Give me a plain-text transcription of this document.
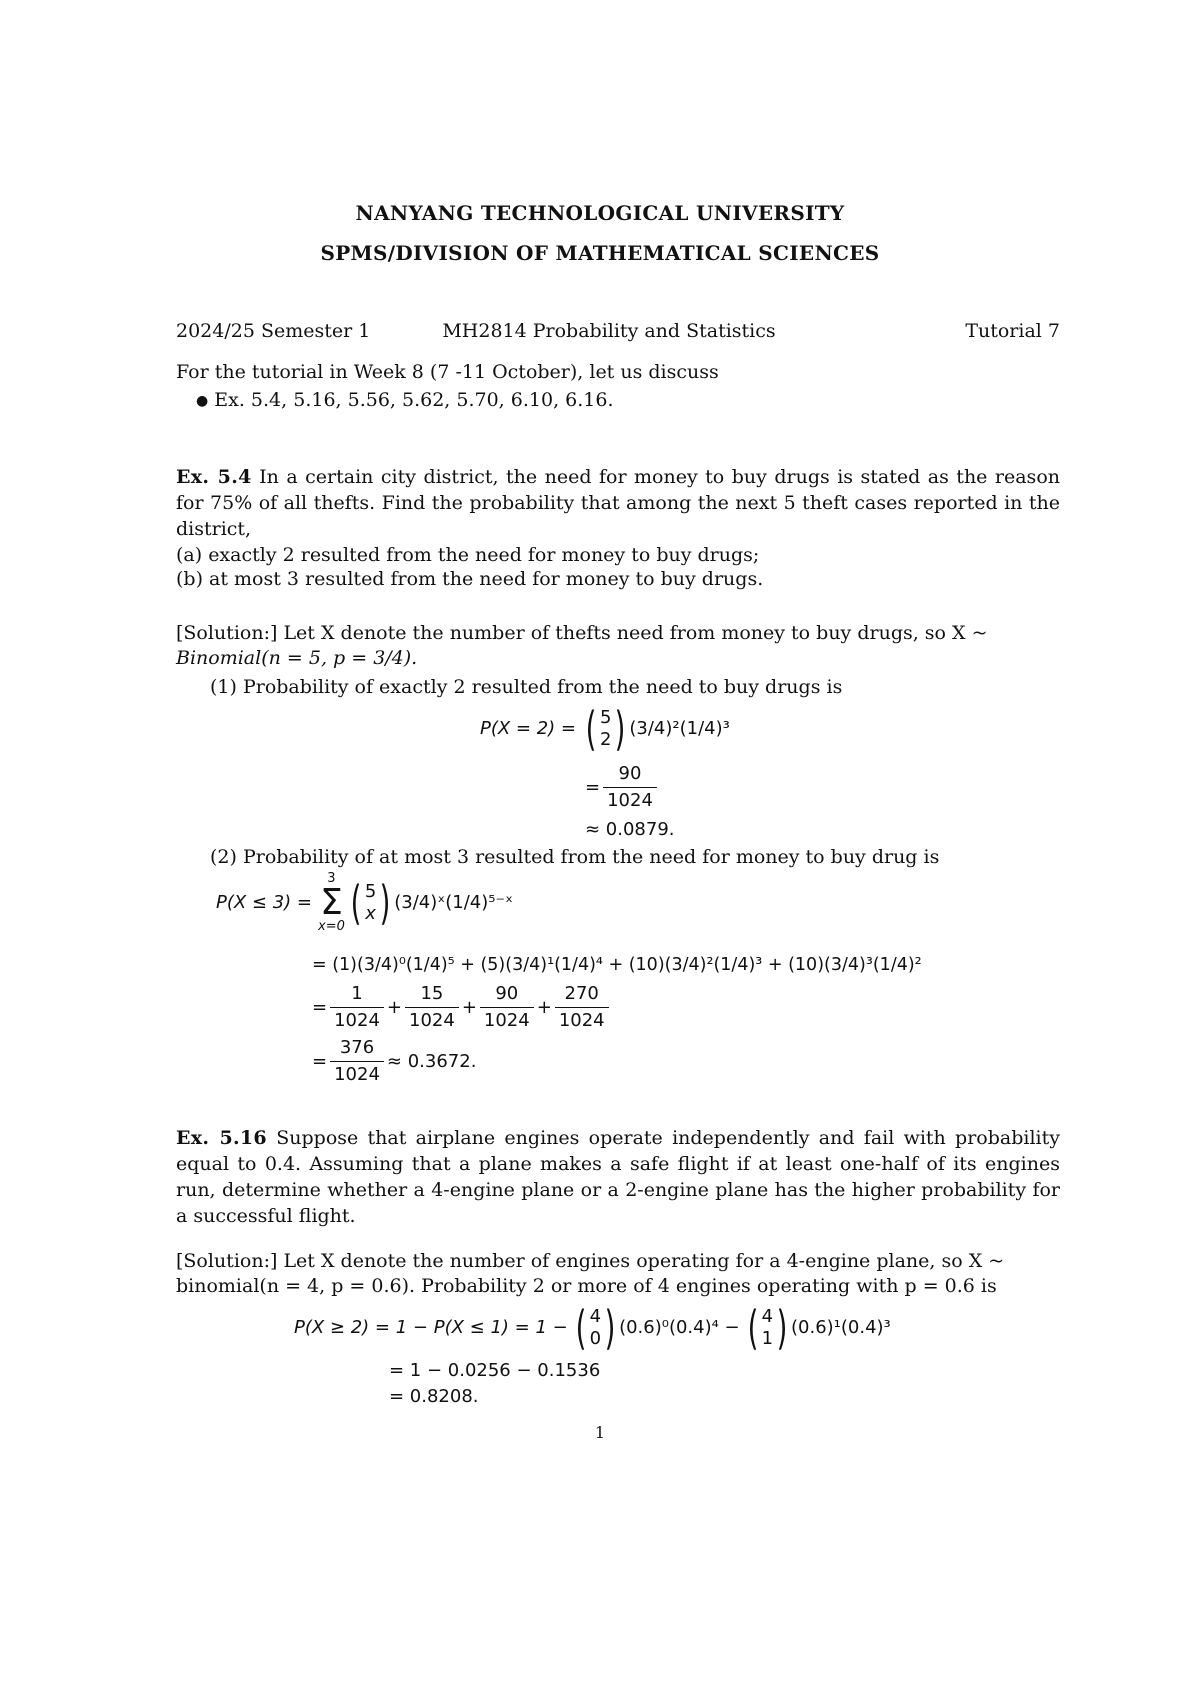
NANYANG TECHNOLOGICAL UNIVERSITY
SPMS/DIVISION OF MATHEMATICAL SCIENCES
2024/25 Semester 1	MH2814 Probability and Statistics	Tutorial 7
For the tutorial in Week 8 (7 -11 October), let us discuss
● Ex. 5.4, 5.16, 5.56, 5.62, 5.70, 6.10, 6.16.
Ex. 5.4 In a certain city district, the need for money to buy drugs is stated as the reason for 75% of all thefts. Find the probability that among the next 5 theft cases reported in the district,
(a) exactly 2 resulted from the need for money to buy drugs;
(b) at most 3 resulted from the need for money to buy drugs.
[Solution:] Let X denote the number of thefts need from money to buy drugs, so X ~
Binomial(n = 5, p = 3/4).
(1) Probability of exactly 2 resulted from the need to buy drugs is
P(X = 2) = ( 5
2 ) (3/4)²(1/4)³
= $\frac{90}{1024}$
≈ 0.0879.
(2) Probability of at most 3 resulted from the need for money to buy drug is
P(X ≤ 3) =
3
Σ
x=0 ( 5
x ) (3/4)ˣ(1/4)⁵⁻ˣ
= (1)(3/4)⁰(1/4)⁵ + (5)(3/4)¹(1/4)⁴ + (10)(3/4)²(1/4)³ + (10)(3/4)³(1/4)²
= $\frac{1}{1024} + \frac{15}{1024} + \frac{90}{1024} + \frac{270}{1024}$
= $\frac{376}{1024} \approx 0.3672$.
Ex. 5.16 Suppose that airplane engines operate independently and fail with probability equal to 0.4. Assuming that a plane makes a safe flight if at least one-half of its engines run, determine whether a 4-engine plane or a 2-engine plane has the higher probability for a successful flight.
[Solution:] Let X denote the number of engines operating for a 4-engine plane, so X ~
binomial(n = 4, p = 0.6). Probability 2 or more of 4 engines operating with p = 0.6 is
P(X ≥ 2) = 1 − P(X ≤ 1) = 1 − ( 4
0 ) (0.6)⁰(0.4)⁴ − ( 4
1 ) (0.6)¹(0.4)³
= 1 − 0.0256 − 0.1536
= 0.8208.
1
